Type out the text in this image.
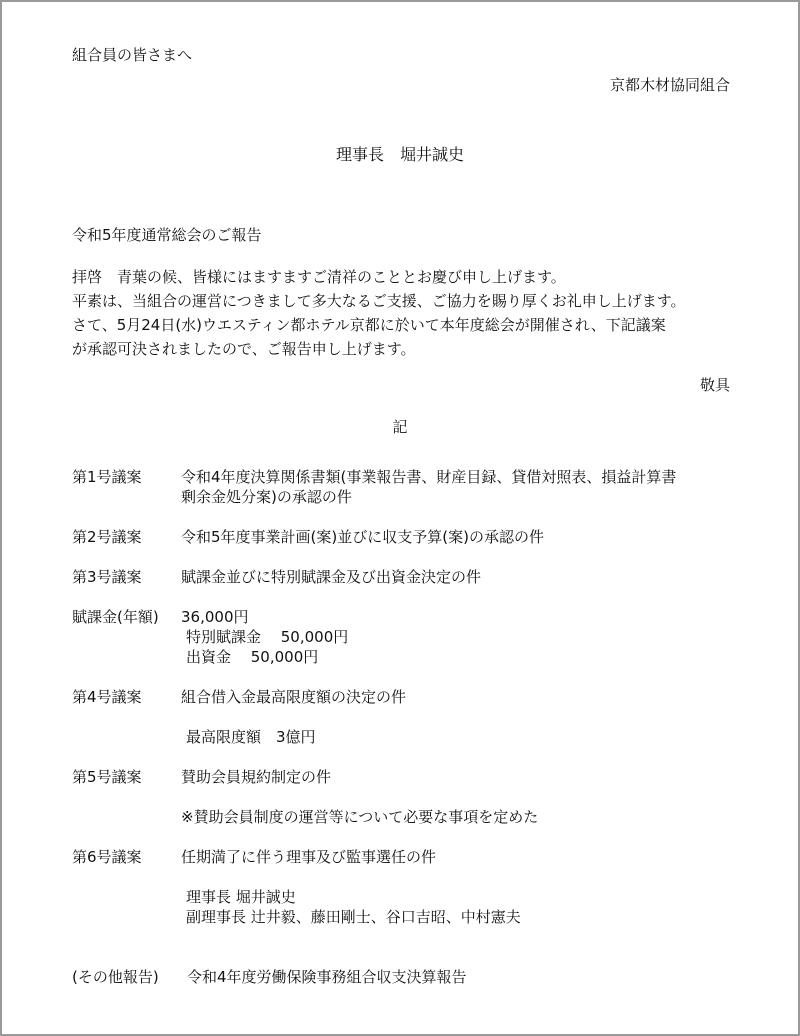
組合員の皆さまへ
京都木材協同組合
理事長　堀井誠史
令和5年度通常総会のご報告
拝啓　青葉の候、皆様にはますますご清祥のこととお慶び申し上げます。
平素は、当組合の運営につきまして多大なるご支援、ご協力を賜り厚くお礼申し上げます。
さて、5月24日(水)ウエスティン都ホテル京都に於いて本年度総会が開催され、下記議案
が承認可決されましたので、ご報告申し上げます。
敬具
記
第1号議案	令和4年度決算関係書類(事業報告書、財産目録、貸借対照表、損益計算書
剰余金処分案)の承認の件
第2号議案	令和5年度事業計画(案)並びに収支予算(案)の承認の件
第3号議案	賦課金並びに特別賦課金及び出資金決定の件
賦課金(年額) 36,000円
特別賦課金　 50,000円
出資金　 50,000円
第4号議案	組合借入金最高限度額の決定の件
最高限度額　3億円
第5号議案	賛助会員規約制定の件
※賛助会員制度の運営等について必要な事項を定めた
第6号議案	任期満了に伴う理事及び監事選任の件
理事長 堀井誠史
副理事長 辻井毅、藤田剛士、谷口吉昭、中村憲夫
(その他報告) 令和4年度労働保険事務組合収支決算報告
